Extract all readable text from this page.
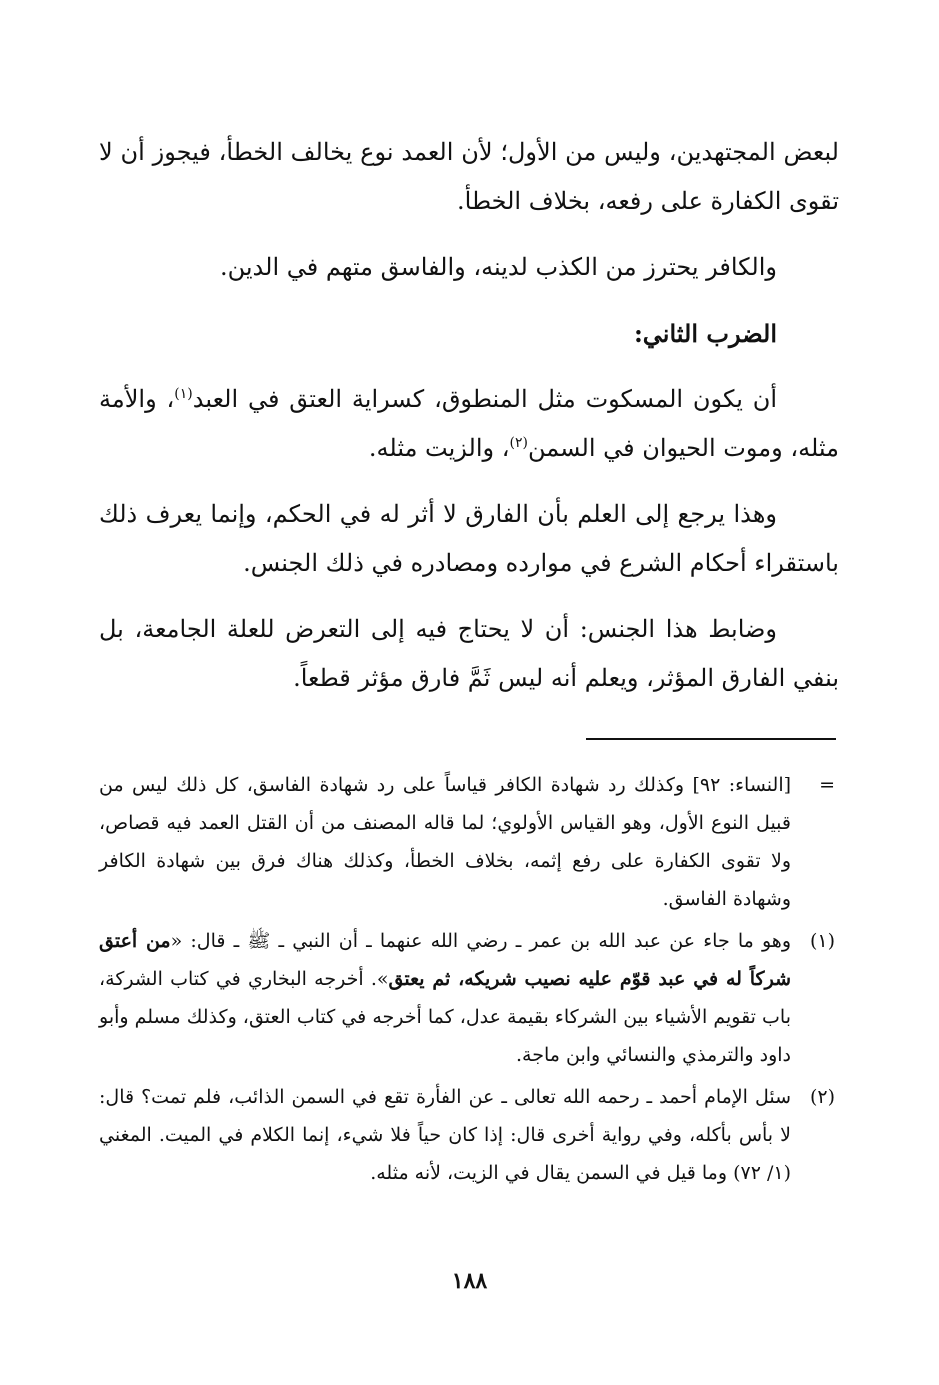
لبعض المجتهدين، وليس من الأول؛ لأن العمد نوع يخالف الخطأ، فيجوز أن لا تقوى الكفارة على رفعه، بخلاف الخطأ.

والكافر يحترز من الكذب لدينه، والفاسق متهم في الدين.

الضرب الثاني:

أن يكون المسكوت مثل المنطوق، كسراية العتق في العبد$^{(١)}$، والأمة مثله، وموت الحيوان في السمن$^{(٢)}$، والزيت مثله.

وهذا يرجع إلى العلم بأن الفارق لا أثر له في الحكم، وإنما يعرف ذلك باستقراء أحكام الشرع في موارده ومصادره في ذلك الجنس.

وضابط هذا الجنس: أن لا يحتاج فيه إلى التعرض للعلة الجامعة، بل بنفي الفارق المؤثر، ويعلم أنه ليس ثَمَّ فارق مؤثر قطعاً.

=
[النساء: ٩٢] وكذلك رد شهادة الكافر قياساً على رد شهادة الفاسق، كل ذلك ليس من قبيل النوع الأول، وهو القياس الأولوي؛ لما قاله المصنف من أن القتل العمد فيه قصاص، ولا تقوى الكفارة على رفع إثمه، بخلاف الخطأ، وكذلك هناك فرق بين شهادة الكافر وشهادة الفاسق.
(١)
وهو ما جاء عن عبد الله بن عمر ـ رضي الله عنهما ـ أن النبي ـ ﷺ ـ قال: «من أعتق شركاً له في عبد قوّم عليه نصيب شريكه، ثم يعتق». أخرجه البخاري في كتاب الشركة، باب تقويم الأشياء بين الشركاء بقيمة عدل، كما أخرجه في كتاب العتق، وكذلك مسلم وأبو داود والترمذي والنسائي وابن ماجة.
(٢)
سئل الإمام أحمد ـ رحمه الله تعالى ـ عن الفأرة تقع في السمن الذائب، فلم تمت؟ قال: لا بأس بأكله، وفي رواية أخرى قال: إذا كان حياً فلا شيء، إنما الكلام في الميت. المغني (١/ ٧٢) وما قيل في السمن يقال في الزيت، لأنه مثله.
١٨٨
